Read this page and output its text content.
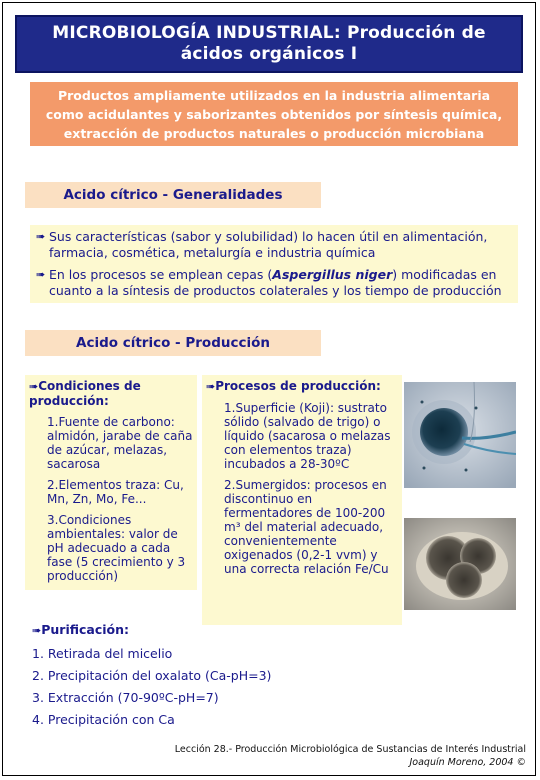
MICROBIOLOGÍA INDUSTRIAL: Producción de
ácidos orgánicos I
Productos ampliamente utilizados en la industria alimentaria
como acidulantes y saborizantes obtenidos por síntesis química,
extracción de productos naturales o producción microbiana
Acido cítrico - Generalidades
➠ Sus características (sabor y solubilidad) lo hacen útil en alimentación, farmacia, cosmética, metalurgía e industria química
➠ En los procesos se emplean cepas (Aspergillus niger) modificadas en cuanto a la síntesis de productos colaterales y los tiempo de producción
Acido cítrico - Producción
➠Condiciones de producción:
1.Fuente de carbono: almidón, jarabe de caña de azúcar, melazas, sacarosa
2.Elementos traza: Cu, Mn, Zn, Mo, Fe...
3.Condiciones ambientales: valor de pH adecuado a cada fase (5 crecimiento y 3 producción)
➠Procesos de producción:
1.Superficie (Koji): sustrato sólido (salvado de trigo) o líquido (sacarosa o melazas con elementos traza) incubados a 28-30ºC
2.Sumergidos: procesos en discontinuo en fermentadores de 100-200 m³ del material adecuado, convenientemente oxigenados (0,2-1 vvm) y una correcta relación Fe/Cu
➠Purificación:
1. Retirada del micelio
2. Precipitación del oxalato (Ca-pH=3)
3. Extracción (70-90ºC-pH=7)
4. Precipitación con Ca
Lección 28.- Producción Microbiológica de Sustancias de Interés Industrial
Joaquín Moreno, 2004 ©
